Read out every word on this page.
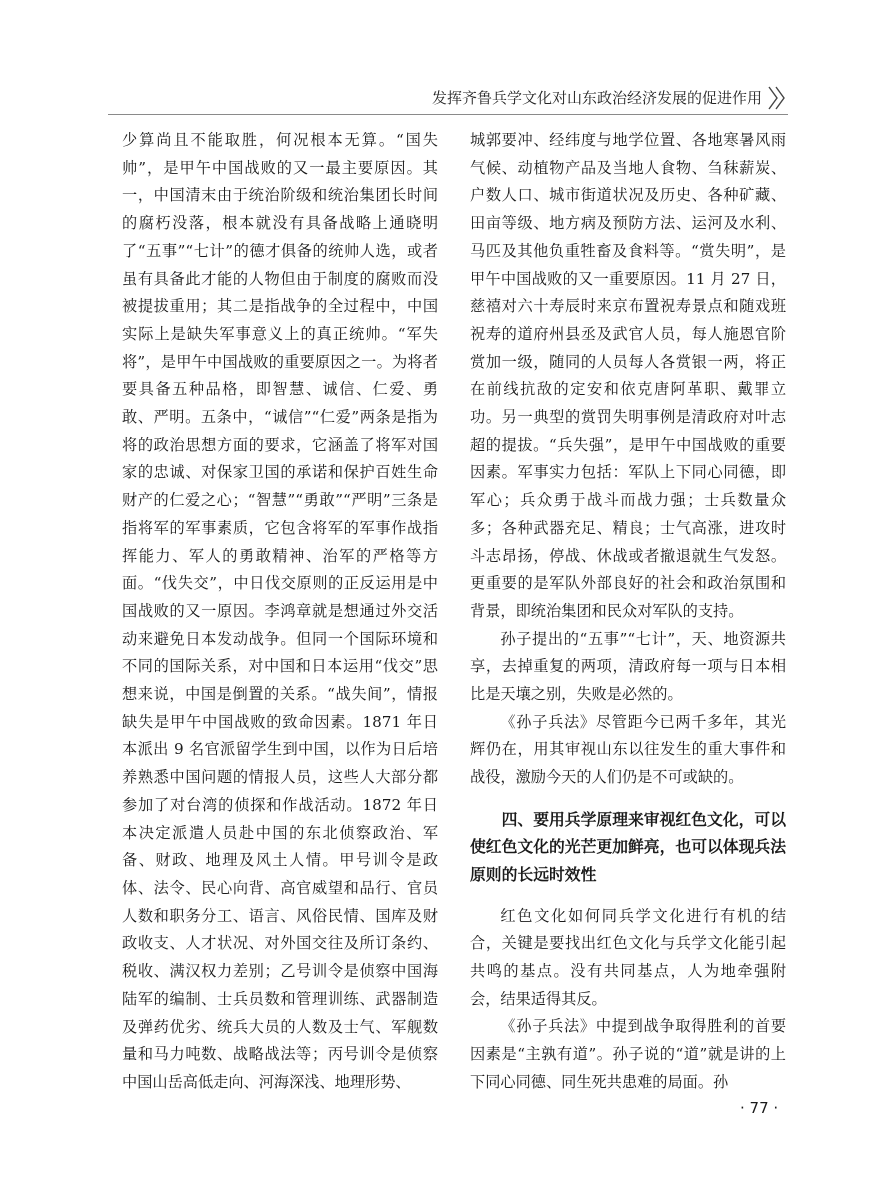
发挥齐鲁兵学文化对山东政治经济发展的促进作用

少算尚且不能取胜，何况根本无算。“国失帅”，是甲午中国战败的又一最主要原因。其一，中国清末由于统治阶级和统治集团长时间的腐朽没落，根本就没有具备战略上通晓明了“五事”“七计”的德才俱备的统帅人选，或者虽有具备此才能的人物但由于制度的腐败而没被提拔重用；其二是指战争的全过程中，中国实际上是缺失军事意义上的真正统帅。“军失将”，是甲午中国战败的重要原因之一。为将者要具备五种品格，即智慧、诚信、仁爱、勇敢、严明。五条中，“诚信”“仁爱”两条是指为将的政治思想方面的要求，它涵盖了将军对国家的忠诚、对保家卫国的承诺和保护百姓生命财产的仁爱之心；“智慧”“勇敢”“严明”三条是指将军的军事素质，它包含将军的军事作战指挥能力、军人的勇敢精神、治军的严格等方面。“伐失交”，中日伐交原则的正反运用是中国战败的又一原因。李鸿章就是想通过外交活动来避免日本发动战争。但同一个国际环境和不同的国际关系，对中国和日本运用“伐交”思想来说，中国是倒置的关系。“战失间”，情报缺失是甲午中国战败的致命因素。1871 年日本派出 9 名官派留学生到中国，以作为日后培养熟悉中国问题的情报人员，这些人大部分都参加了对台湾的侦探和作战活动。1872 年日本决定派遣人员赴中国的东北侦察政治、军备、财政、地理及风土人情。甲号训令是政体、法令、民心向背、高官威望和品行、官员人数和职务分工、语言、风俗民情、国库及财政收支、人才状况、对外国交往及所订条约、税收、满汉权力差别；乙号训令是侦察中国海陆军的编制、士兵员数和管理训练、武器制造及弹药优劣、统兵大员的人数及士气、军舰数量和马力吨数、战略战法等；丙号训令是侦察中国山岳高低走向、河海深浅、地理形势、

城郭要冲、经纬度与地学位置、各地寒暑风雨气候、动植物产品及当地人食物、刍秣薪炭、户数人口、城市街道状况及历史、各种矿藏、田亩等级、地方病及预防方法、运河及水利、马匹及其他负重牲畜及食料等。“赏失明”，是甲午中国战败的又一重要原因。11 月 27 日，慈禧对六十寿辰时来京布置祝寿景点和随戏班祝寿的道府州县丞及武官人员，每人施恩官阶赏加一级，随同的人员每人各赏银一两，将正在前线抗敌的定安和依克唐阿革职、戴罪立功。另一典型的赏罚失明事例是清政府对叶志超的提拔。“兵失强”，是甲午中国战败的重要因素。军事实力包括：军队上下同心同德，即军心；兵众勇于战斗而战力强；士兵数量众多；各种武器充足、精良；士气高涨，进攻时斗志昂扬，停战、休战或者撤退就生气发怒。更重要的是军队外部良好的社会和政治氛围和背景，即统治集团和民众对军队的支持。

孙子提出的“五事”“七计”，天、地资源共享，去掉重复的两项，清政府每一项与日本相比是天壤之别，失败是必然的。

《孙子兵法》尽管距今已两千多年，其光辉仍在，用其审视山东以往发生的重大事件和战役，激励今天的人们仍是不可或缺的。

四、要用兵学原理来审视红色文化，可以使红色文化的光芒更加鲜亮，也可以体现兵法原则的长远时效性

红色文化如何同兵学文化进行有机的结合，关键是要找出红色文化与兵学文化能引起共鸣的基点。没有共同基点，人为地牵强附会，结果适得其反。

《孙子兵法》中提到战争取得胜利的首要因素是“主孰有道”。孙子说的“道”就是讲的上下同心同德、同生死共患难的局面。孙

· 77 ·
